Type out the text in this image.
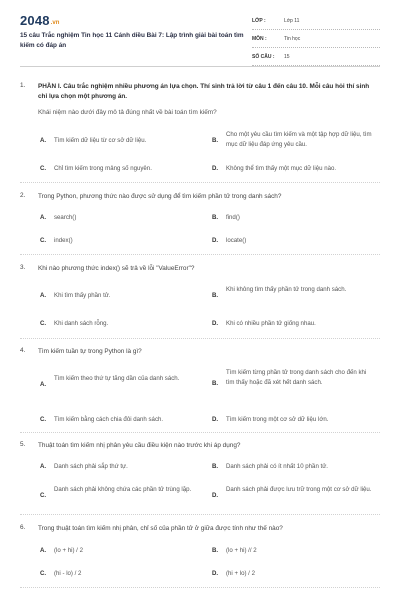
2048.vn
15 câu Trắc nghiệm Tin học 11 Cánh diều Bài 7: Lập trình giải bài toán tìm kiếm có đáp án
LỚP :	Lớp 11
MÔN :	Tin học
SỐ CÂU : 15
1. PHẦN I. Câu trắc nghiệm nhiều phương án lựa chọn. Thí sinh trả lời từ câu 1 đến câu 10. Mỗi câu hỏi thí sinh chỉ lựa chọn một phương án.
Khái niệm nào dưới đây mô tả đúng nhất về bài toán tìm kiếm?
A. Tìm kiếm dữ liệu từ cơ sở dữ liệu.	B.
Cho một yêu cầu tìm kiếm và một tập hợp dữ liệu, tìm mục dữ liệu đáp ứng yêu cầu.
C. Chỉ tìm kiếm trong mảng số nguyên.	D. Không thể tìm thấy một mục dữ liệu nào.
2. Trong Python, phương thức nào được sử dụng để tìm kiếm phần tử trong danh sách?
A. search()	B. find()
C. index()	D. locate()
3. Khi nào phương thức index() sẽ trả về lỗi "ValueError"?
A. Khi tìm thấy phần tử.	B.
Khi không tìm thấy phần tử trong danh sách.
C. Khi danh sách rỗng.	D. Khi có nhiều phần tử giống nhau.
4. Tìm kiếm tuần tự trong Python là gì?
A.
Tìm kiếm theo thứ tự tăng dần của danh sách.
B.
Tìm kiếm từng phần tử trong danh sách cho đến khi tìm thấy hoặc đã xét hết danh sách.
C. Tìm kiếm bằng cách chia đôi danh sách.	D. Tìm kiếm trong một cơ sở dữ liệu lớn.
5. Thuật toán tìm kiếm nhị phân yêu cầu điều kiện nào trước khi áp dụng?
A. Danh sách phải sắp thứ tự.	B. Danh sách phải có ít nhất 10 phần tử.
C.
Danh sách phải không chứa các phần tử trùng lặp.
D.
Danh sách phải được lưu trữ trong một cơ sở dữ liệu.
6. Trong thuật toán tìm kiếm nhị phân, chỉ số của phần tử ở giữa được tính như thế nào?
A. (lo + hi) / 2	B. (lo + hi) // 2
C. (hi - lo) / 2	D. (hi + lo) / 2
